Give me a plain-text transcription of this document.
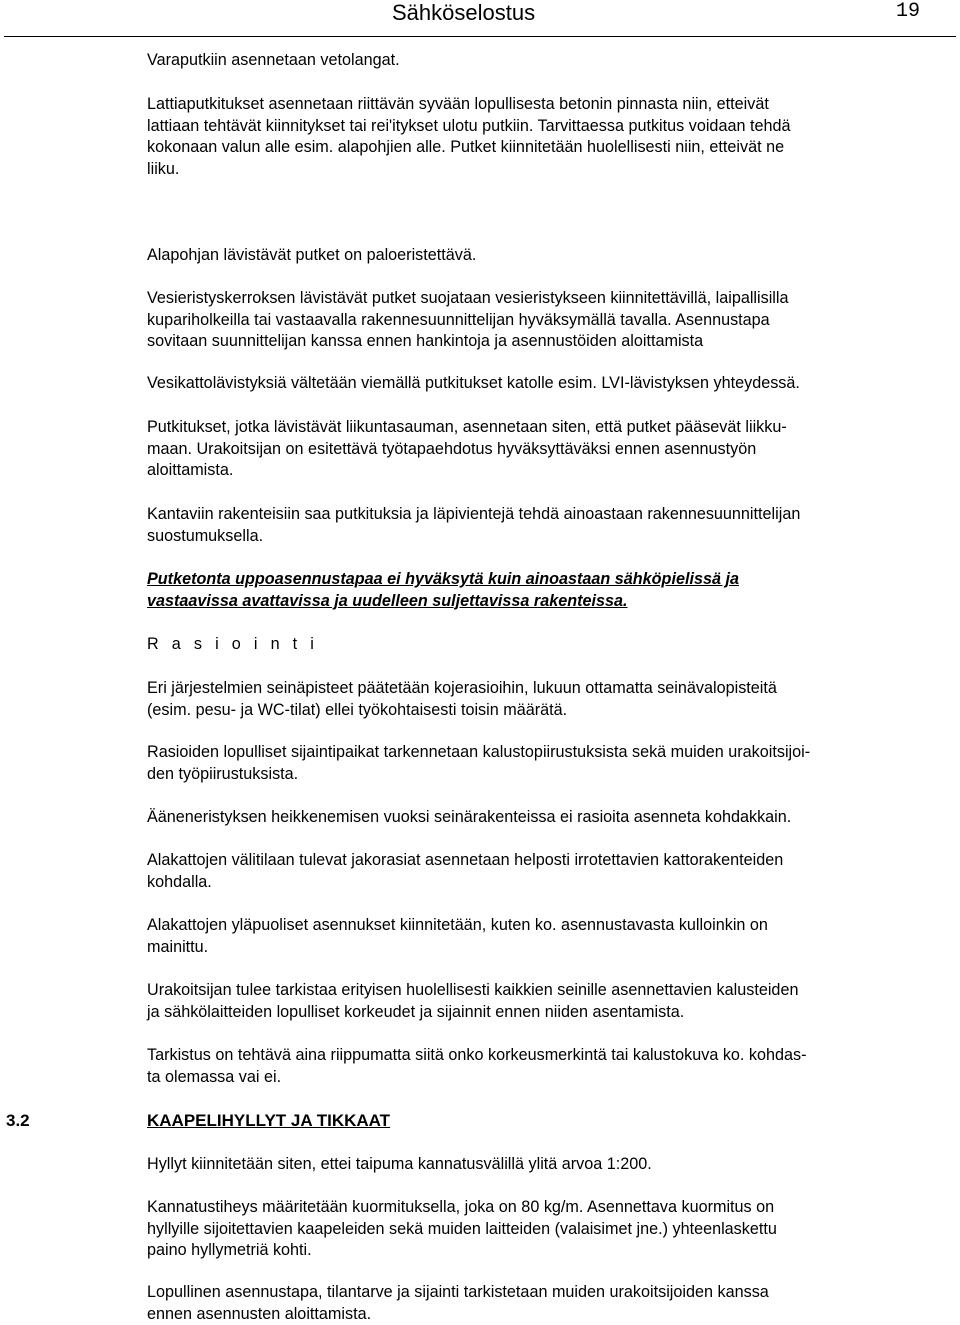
Sähköselostus	19

Varaputkiin asennetaan vetolangat.

Lattiaputkitukset asennetaan riittävän syvään lopullisesta betonin pinnasta niin, etteivät
lattiaan tehtävät kiinnitykset tai rei'itykset ulotu putkiin. Tarvittaessa putkitus voidaan tehdä
kokonaan valun alle esim. alapohjien alle. Putket kiinnitetään huolellisesti niin, etteivät ne
liiku.

Alapohjan lävistävät putket on paloeristettävä.

Vesieristyskerroksen lävistävät putket suojataan vesieristykseen kiinnitettävillä, laipallisilla
kupariholkeilla tai vastaavalla rakennesuunnittelijan hyväksymällä tavalla. Asennustapa
sovitaan suunnittelijan kanssa ennen hankintoja ja asennustöiden aloittamista

Vesikattolävistyksiä vältetään viemällä putkitukset katolle esim. LVI-lävistyksen yhteydessä.

Putkitukset, jotka lävistävät liikuntasauman, asennetaan siten, että putket pääsevät liikku-
maan. Urakoitsijan on esitettävä työtapaehdotus hyväksyttäväksi ennen asennustyön
aloittamista.

Kantaviin rakenteisiin saa putkituksia ja läpivientejä tehdä ainoastaan rakennesuunnittelijan
suostumuksella.

Putketonta uppoasennustapaa ei hyväksytä kuin ainoastaan sähköpielissä ja
vastaavissa avattavissa ja uudelleen suljettavissa rakenteissa.

R a s i o i n t i

Eri järjestelmien seinäpisteet päätetään kojerasioihin, lukuun ottamatta seinävalopisteitä
(esim. pesu- ja WC-tilat) ellei työkohtaisesti toisin määrätä.

Rasioiden lopulliset sijaintipaikat tarkennetaan kalustopiirustuksista sekä muiden urakoitsijoi-
den työpiirustuksista.

Ääneneristyksen heikkenemisen vuoksi seinärakenteissa ei rasioita asenneta kohdakkain.

Alakattojen välitilaan tulevat jakorasiat asennetaan helposti irrotettavien kattorakenteiden
kohdalla.

Alakattojen yläpuoliset asennukset kiinnitetään, kuten ko. asennustavasta kulloinkin on
mainittu.

Urakoitsijan tulee tarkistaa erityisen huolellisesti kaikkien seinille asennettavien kalusteiden
ja sähkölaitteiden lopulliset korkeudet ja sijainnit ennen niiden asentamista.

Tarkistus on tehtävä aina riippumatta siitä onko korkeusmerkintä tai kalustokuva ko. kohdas-
ta olemassa vai ei.

3.2	KAAPELIHYLLYT JA TIKKAAT

Hyllyt kiinnitetään siten, ettei taipuma kannatusvälillä ylitä arvoa 1:200.

Kannatustiheys määritetään kuormituksella, joka on 80 kg/m. Asennettava kuormitus on
hyllyille sijoitettavien kaapeleiden sekä muiden laitteiden (valaisimet jne.) yhteenlaskettu
paino hyllymetriä kohti.

Lopullinen asennustapa, tilantarve ja sijainti tarkistetaan muiden urakoitsijoiden kanssa
ennen asennusten aloittamista.
